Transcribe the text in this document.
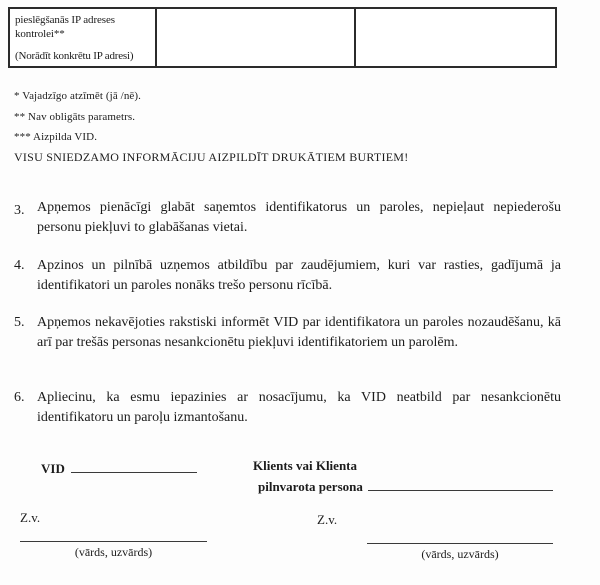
pieslēgšanās IP adreses kontrolei**
(Norādīt konkrētu IP adresi)

* Vajadzīgo atzīmēt (jā /nē).
** Nav obligāts parametrs.
*** Aizpilda VID.
VISU SNIEDZAMO INFORMĀCIJU AIZPILDĪT DRUKĀTIEM BURTIEM!
3. Apņemos pienācīgi glabāt saņemtos identifikatorus un paroles, nepieļaut nepiederošu personu piekļuvi to glabāšanas vietai.
4. Apzinos un pilnībā uzņemos atbildību par zaudējumiem, kuri var rasties, gadījumā ja identifikatori un paroles nonāks trešo personu rīcībā.
5. Apņemos nekavējoties rakstiski informēt VID par identifikatora un paroles nozaudēšanu, kā arī par trešās personas nesankcionētu piekļuvi identifikatoriem un parolēm.
6. Apliecinu, ka esmu iepazinies ar nosacījumu, ka VID neatbild par nesankcionētu identifikatoru un paroļu izmantošanu.
VID	Klients vai Klienta
pilnvarota persona
Z.v.	Z.v.
(vārds, uzvārds)	(vārds, uzvārds)
